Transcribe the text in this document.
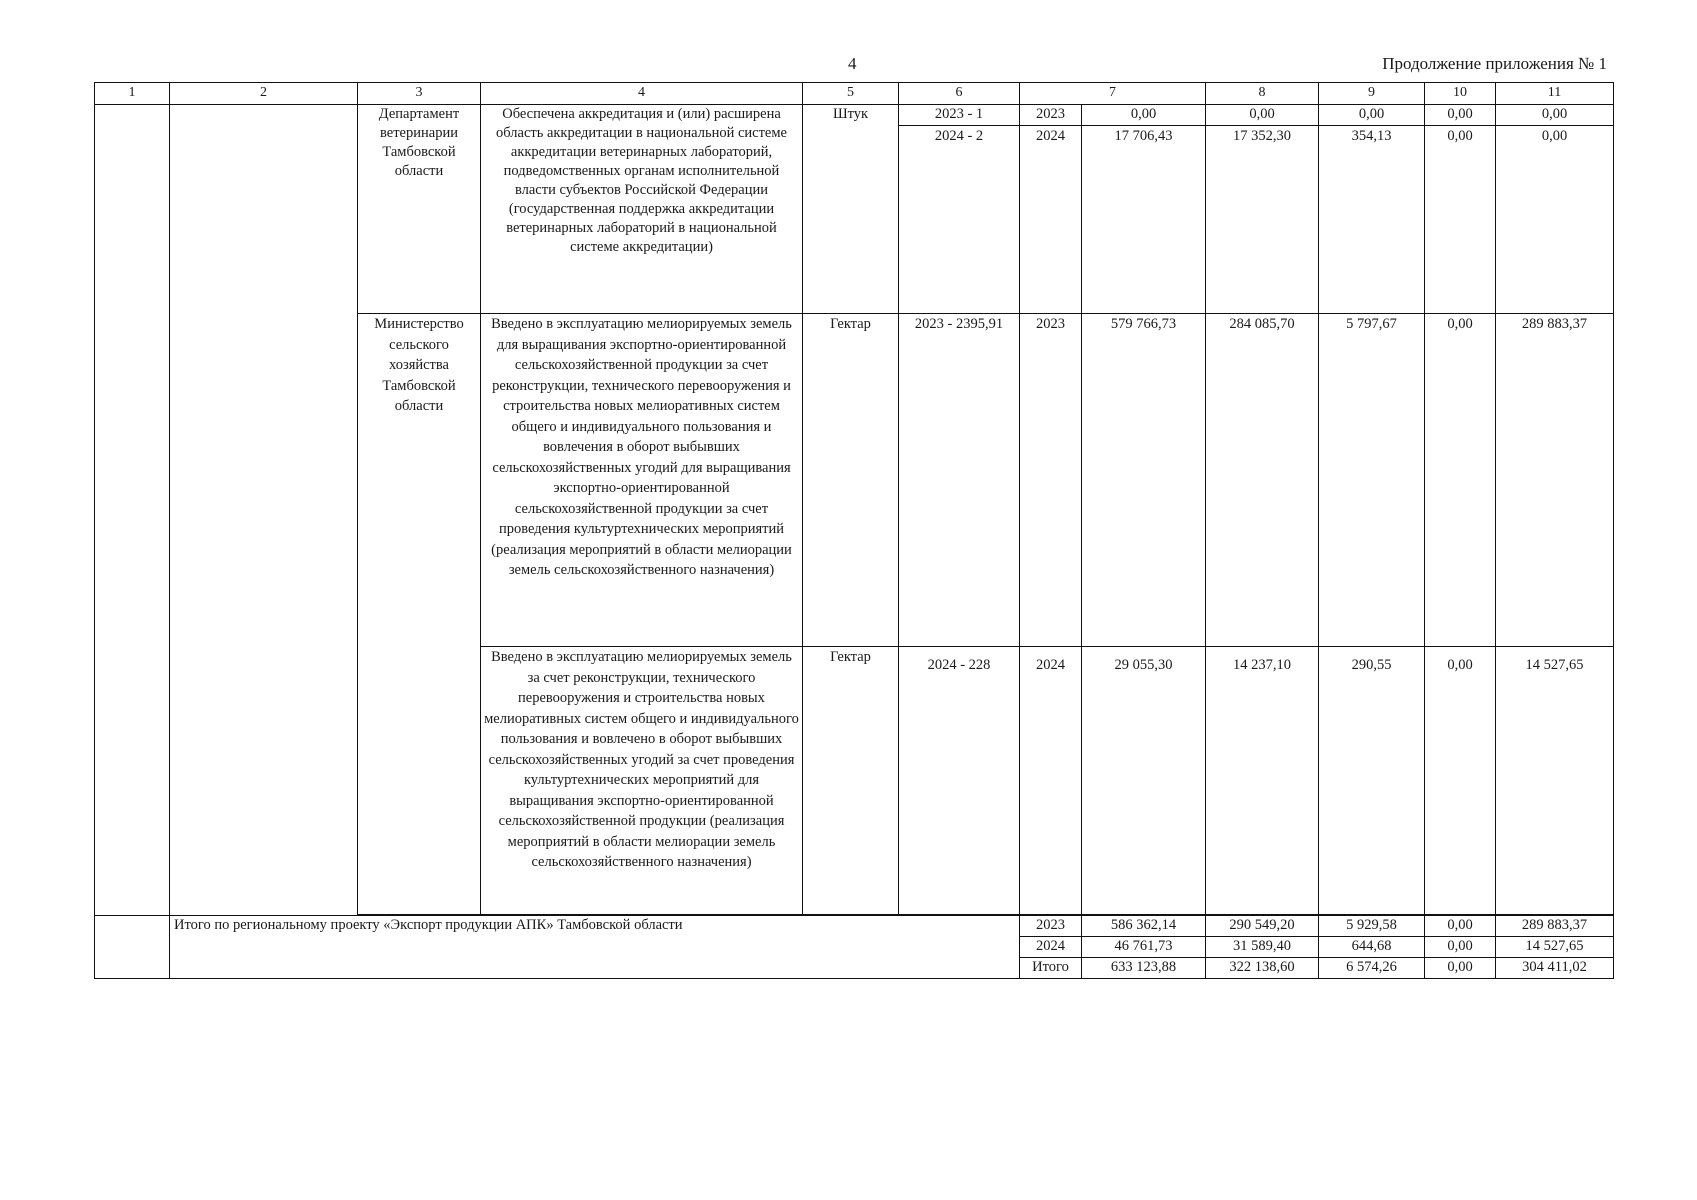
4	Продолжение приложения № 1
1	2	3	4	5	6	7		8	9	10	11
		Департамент ветеринарии Тамбовской области	Обеспечена аккредитация и (или) расширена область аккредитации в национальной системе аккредитации ветеринарных лабораторий, подведомственных органам исполнительной власти субъектов Российской Федерации (государственная поддержка аккредитации ветеринарных лабораторий в национальной системе аккредитации)	Штук	2023 - 1	2023	0,00	0,00	0,00	0,00	0,00
					2024 - 2	2024	17 706,43	17 352,30	354,13	0,00	0,00
		Министерство сельского хозяйства Тамбовской области	Введено в эксплуатацию мелиорируемых земель для выращивания экспортно-ориентированной сельскохозяйственной продукции за счет реконструкции, технического перевооружения и строительства новых мелиоративных систем общего и индивидуального пользования и вовлечения в оборот выбывших сельскохозяйственных угодий для выращивания экспортно-ориентированной сельскохозяйственной продукции за счет проведения культуртехнических мероприятий (реализация мероприятий в области мелиорации земель сельскохозяйственного назначения)	Гектар	2023 - 2395,91	2023	579 766,73	284 085,70	5 797,67	0,00	289 883,37
			Введено в эксплуатацию мелиорируемых земель за счет реконструкции, технического перевооружения и строительства новых мелиоративных систем общего и индивидуального пользования и вовлечено в оборот выбывших сельскохозяйственных угодий за счет проведения культуртехнических мероприятий для выращивания экспортно-ориентированной сельскохозяйственной продукции (реализация мероприятий в области мелиорации земель сельскохозяйственного назначения)	Гектар	2024 - 228	2024	29 055,30	14 237,10	290,55	0,00	14 527,65

	Итого по региональному проекту «Экспорт продукции АПК» Тамбовской области					2023	586 362,14	290 549,20	5 929,58	0,00	289 883,37
						2024	46 761,73	31 589,40	644,68	0,00	14 527,65
						Итого	633 123,88	322 138,60	6 574,26	0,00	304 411,02
